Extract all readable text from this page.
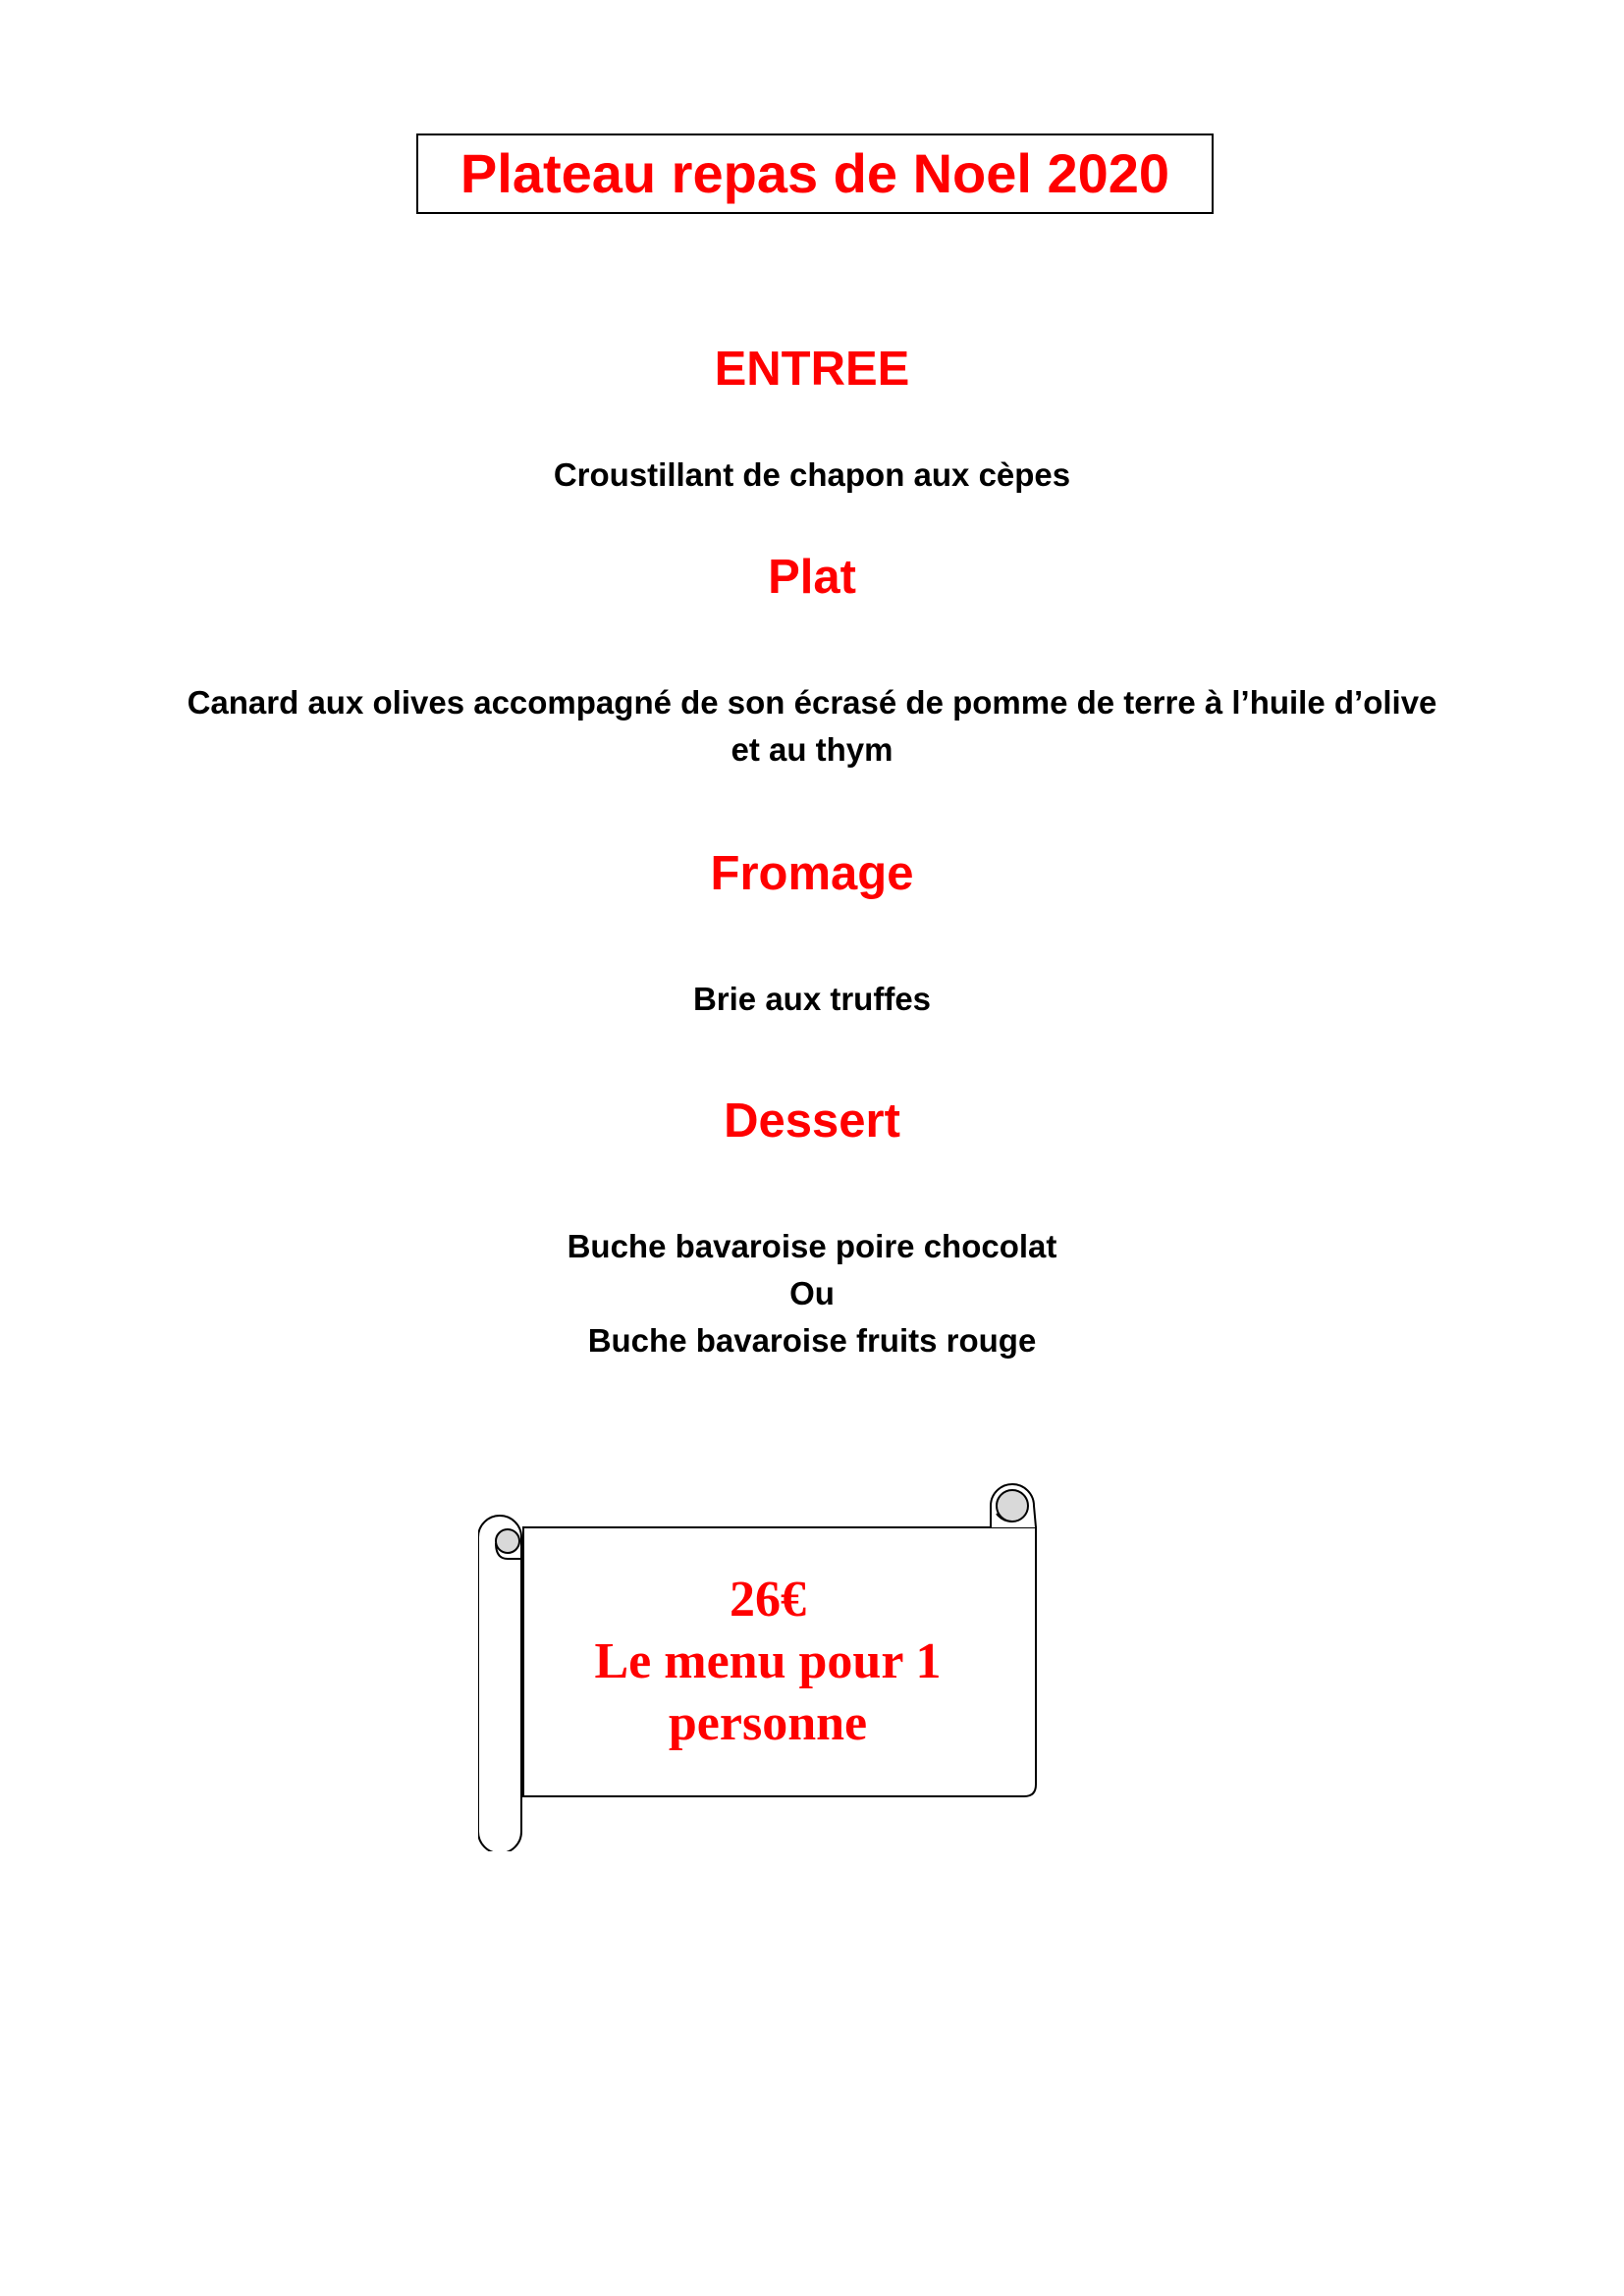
Plateau repas de Noel 2020
ENTREE
Croustillant de chapon aux cèpes
Plat
Canard aux olives accompagné de son écrasé de pomme de terre à l’huile d’olive
et au thym
Fromage
Brie aux truffes
Dessert
Buche bavaroise poire chocolat
Ou
Buche bavaroise fruits rouge
26€
Le menu pour 1
personne
